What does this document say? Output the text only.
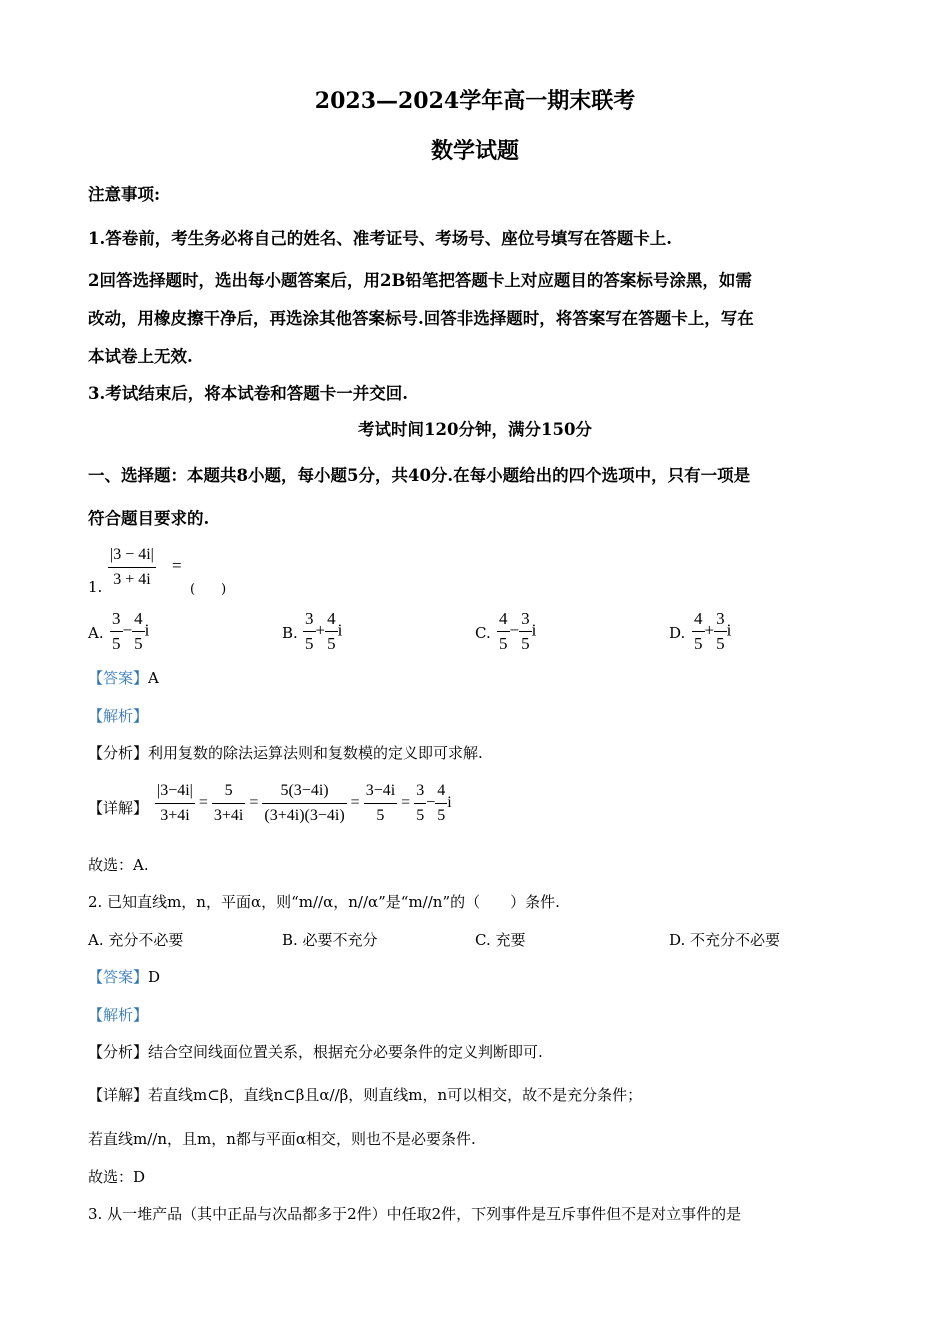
2023—2024学年高一期末联考
数学试题
注意事项:
1.答卷前，考生务必将自己的姓名、准考证号、考场号、座位号填写在答题卡上.
2回答选择题时，选出每小题答案后，用2B铅笔把答题卡上对应题目的答案标号涂黑，如需
改动，用橡皮擦干净后，再选涂其他答案标号.回答非选择题时，将答案写在答题卡上，写在
本试卷上无效.
3.考试结束后，将本试卷和答题卡一并交回.
考试时间120分钟，满分150分
一、选择题：本题共8小题，每小题5分，共40分.在每小题给出的四个选项中，只有一项是
符合题目要求的.
1. $\frac{|3 - 4i|}{3 + 4i}$ =
(　　)
A. $\frac{3}{5} - \frac{4}{5}$ i	B. $\frac{3}{5} + \frac{4}{5}$ i	C. $\frac{4}{5} - \frac{3}{5}$ i	D. $\frac{4}{5} + \frac{3}{5}$ i
【答案】A
【解析】
【分析】利用复数的除法运算法则和复数模的定义即可求解.
【详解】 $\frac{|3-4i|}{3+4i} = \frac{5}{3+4i} = \frac{5(3-4i)}{(3+4i)(3-4i)} = \frac{3-4i}{5} = \frac{3}{5} - \frac{4}{5}$ i
故选：A.
2. 已知直线m，n，平面α，则“m//α，n//α”是“m//n”的（　　）条件.
A. 充分不必要	B. 必要不充分	C. 充要	D. 不充分不必要
【答案】D
【解析】
【分析】结合空间线面位置关系，根据充分必要条件的定义判断即可.
【详解】若直线m⊂β，直线n⊂β且α//β，则直线m，n可以相交，故不是充分条件；
若直线m//n，且m，n都与平面α相交，则也不是必要条件.
故选：D
3. 从一堆产品（其中正品与次品都多于2件）中任取2件，下列事件是互斥事件但不是对立事件的是
